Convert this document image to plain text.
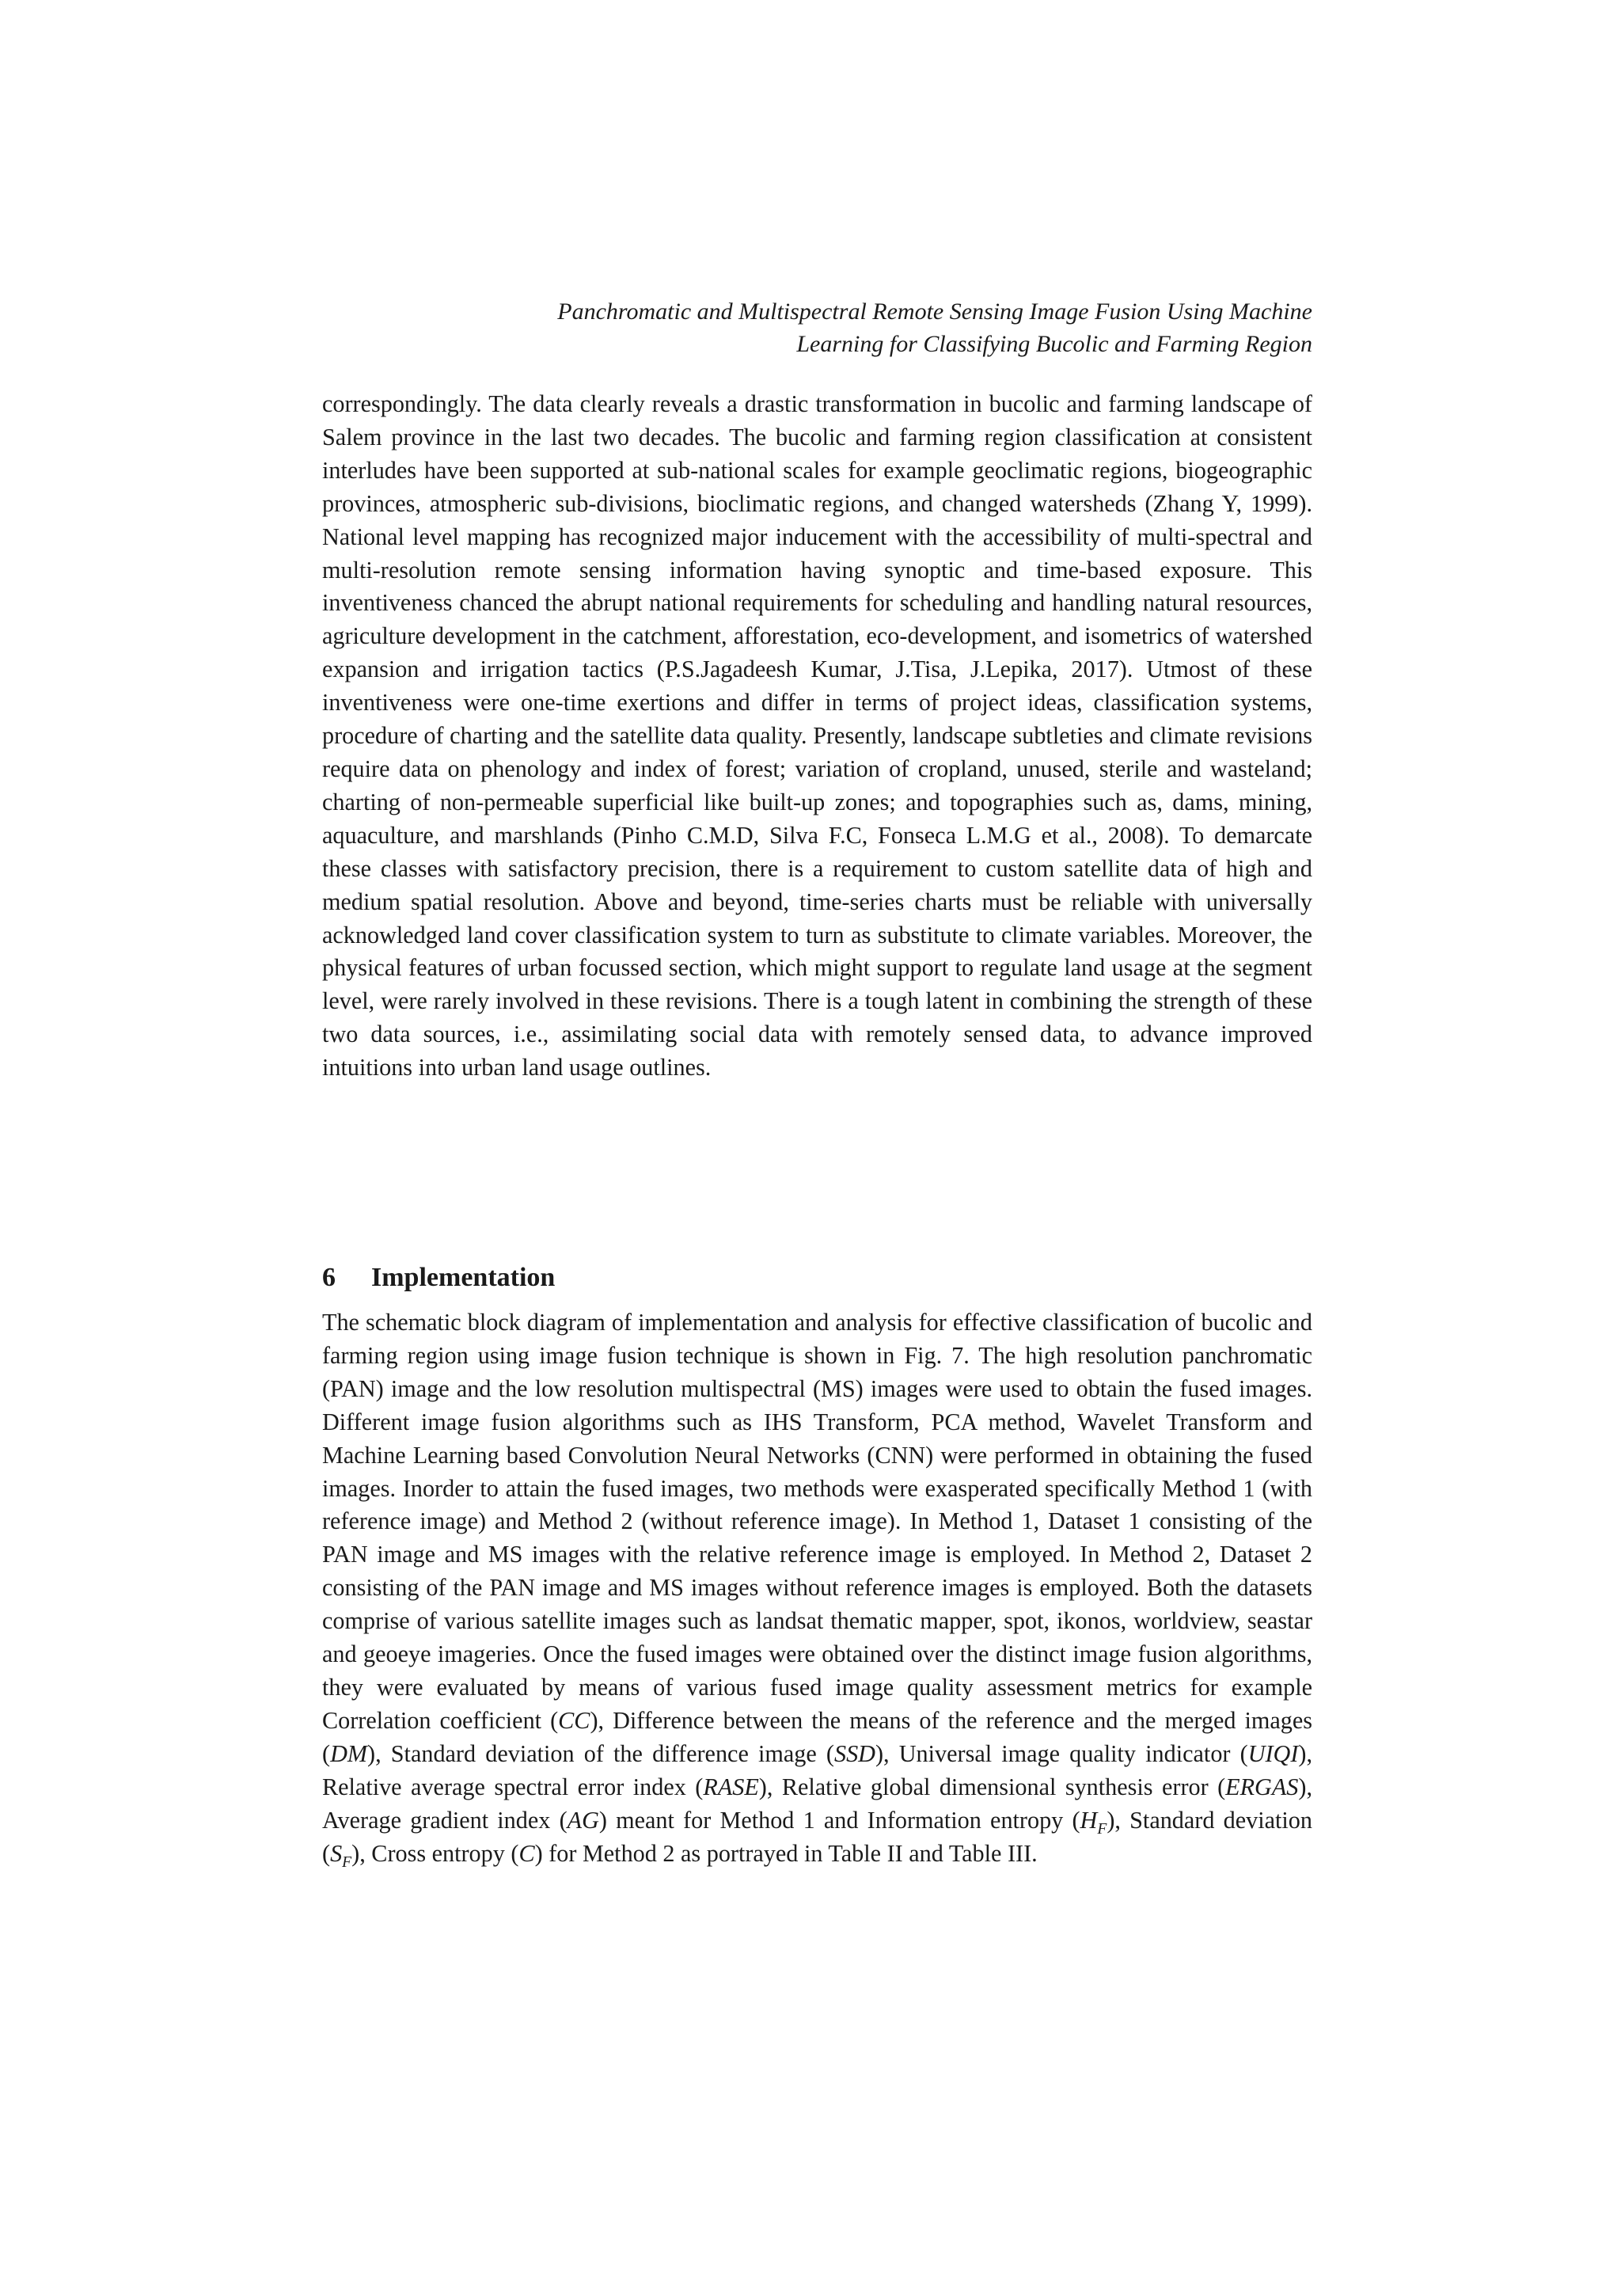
Panchromatic and Multispectral Remote Sensing Image Fusion Using Machine
Learning for Classifying Bucolic and Farming Region

correspondingly. The data clearly reveals a drastic transformation in bucolic and farming landscape of Salem province in the last two decades. The bucolic and farming region classification at consistent interludes have been supported at sub-national scales for example geoclimatic regions, biogeographic provinces, atmospheric sub-divisions, bioclimatic regions, and changed watersheds (Zhang Y, 1999). National level mapping has recognized major inducement with the accessibility of multi-spectral and multi-resolution remote sensing information having synoptic and time-based exposure. This inventiveness chanced the abrupt national requirements for scheduling and handling natural resources, agriculture development in the catchment, afforestation, eco-development, and isometrics of watershed expansion and irrigation tactics (P.S.Jagadeesh Kumar, J.Tisa, J.Lepika, 2017). Utmost of these inventiveness were one-time exertions and differ in terms of project ideas, classification systems, procedure of charting and the satellite data quality. Presently, landscape subtleties and climate revisions require data on phenology and index of forest; variation of cropland, unused, sterile and wasteland; charting of non-permeable superficial like built-up zones; and topographies such as, dams, mining, aquaculture, and marshlands (Pinho C.M.D, Silva F.C, Fonseca L.M.G et al., 2008). To demarcate these classes with satisfactory precision, there is a requirement to custom satellite data of high and medium spatial resolution. Above and beyond, time-series charts must be reliable with universally acknowledged land cover classification system to turn as substitute to climate variables. Moreover, the physical features of urban focussed section, which might support to regulate land usage at the segment level, were rarely involved in these revisions. There is a tough latent in combining the strength of these two data sources, i.e., assimilating social data with remotely sensed data, to advance improved intuitions into urban land usage outlines.

6 Implementation

The schematic block diagram of implementation and analysis for effective classification of bucolic and farming region using image fusion technique is shown in Fig. 7. The high resolution panchromatic (PAN) image and the low resolution multispectral (MS) images were used to obtain the fused images. Different image fusion algorithms such as IHS Transform, PCA method, Wavelet Transform and Machine Learning based Convolution Neural Networks (CNN) were performed in obtaining the fused images. Inorder to attain the fused images, two methods were exasperated specifically Method 1 (with reference image) and Method 2 (without reference image). In Method 1, Dataset 1 consisting of the PAN image and MS images with the relative reference image is employed. In Method 2, Dataset 2 consisting of the PAN image and MS images without reference images is employed. Both the datasets comprise of various satellite images such as landsat thematic mapper, spot, ikonos, worldview, seastar and geoeye imageries. Once the fused images were obtained over the distinct image fusion algorithms, they were evaluated by means of various fused image quality assessment metrics for example Correlation coefficient (CC), Difference between the means of the reference and the merged images (DM), Standard deviation of the difference image (SSD), Universal image quality indicator (UIQI), Relative average spectral error index (RASE), Relative global dimensional synthesis error (ERGAS), Average gradient index (AG) meant for Method 1 and Information entropy $(H_F)$, Standard deviation $(S_F)$, Cross entropy (C) for Method 2 as portrayed in Table II and Table III.
